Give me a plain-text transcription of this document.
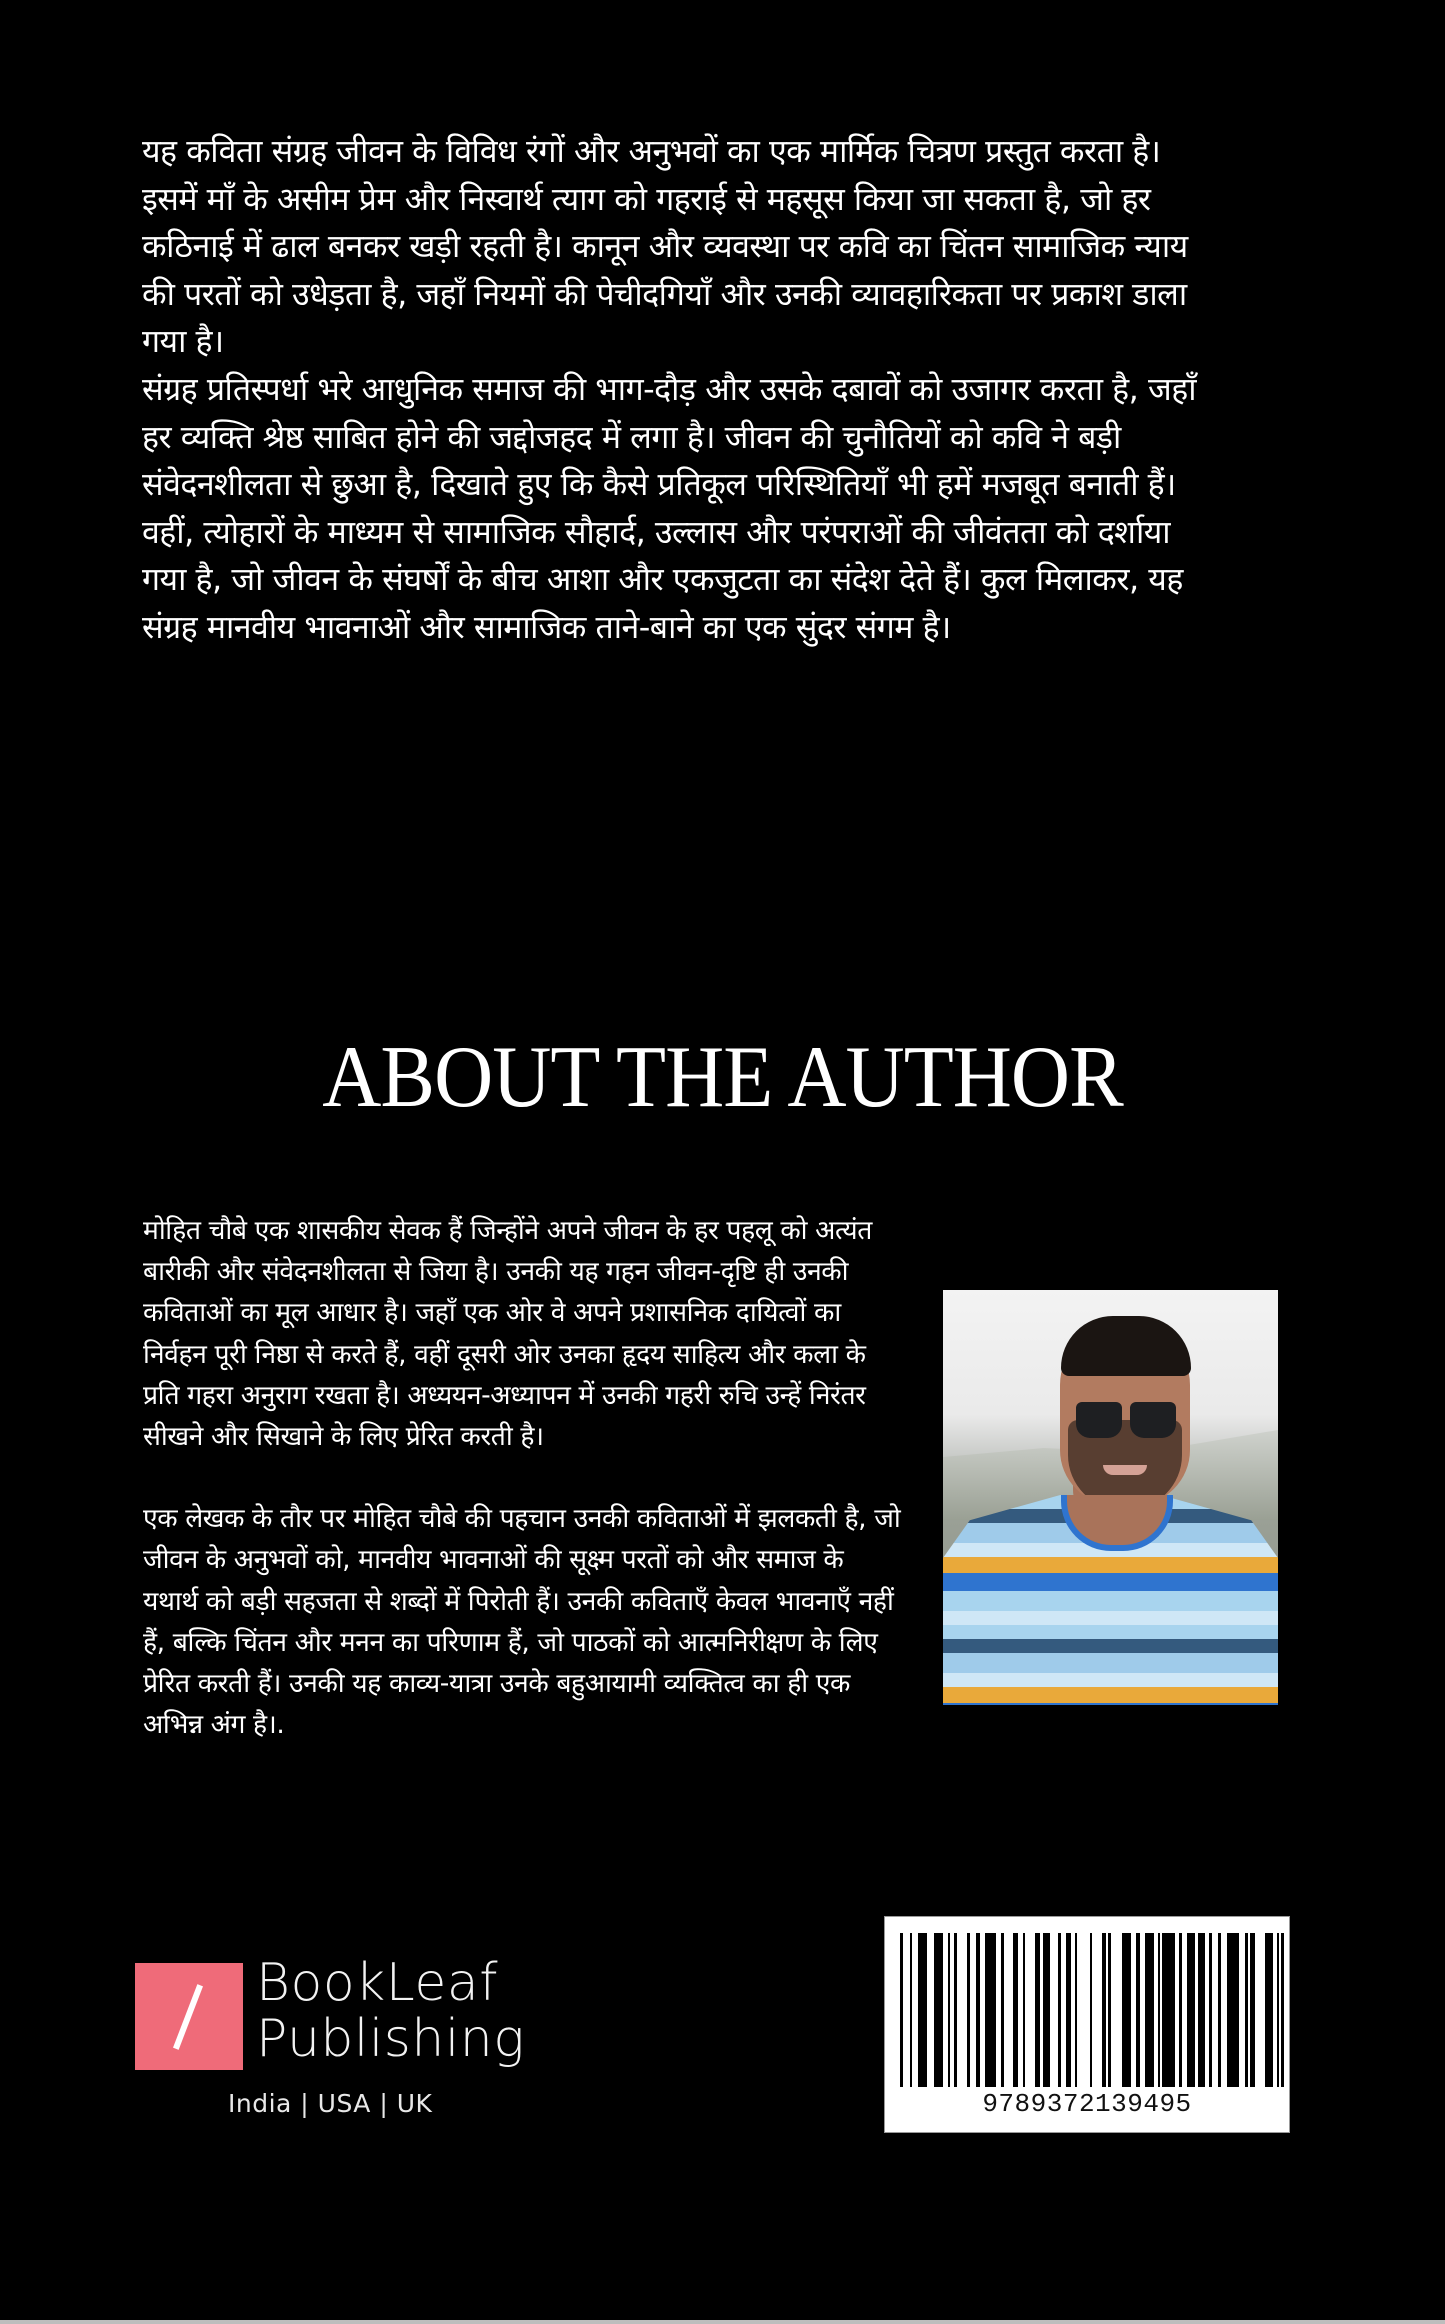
यह कविता संग्रह जीवन के विविध रंगों और अनुभवों का एक मार्मिक चित्रण प्रस्तुत करता है। इसमें माँ के असीम प्रेम और निस्वार्थ त्याग को गहराई से महसूस किया जा सकता है, जो हर कठिनाई में ढाल बनकर खड़ी रहती है। कानून और व्यवस्था पर कवि का चिंतन सामाजिक न्याय की परतों को उधेड़ता है, जहाँ नियमों की पेचीदगियाँ और उनकी व्यावहारिकता पर प्रकाश डाला गया है।

संग्रह प्रतिस्पर्धा भरे आधुनिक समाज की भाग-दौड़ और उसके दबावों को उजागर करता है, जहाँ हर व्यक्ति श्रेष्ठ साबित होने की जद्दोजहद में लगा है। जीवन की चुनौतियों को कवि ने बड़ी संवेदनशीलता से छुआ है, दिखाते हुए कि कैसे प्रतिकूल परिस्थितियाँ भी हमें मजबूत बनाती हैं। वहीं, त्योहारों के माध्यम से सामाजिक सौहार्द, उल्लास और परंपराओं की जीवंतता को दर्शाया गया है, जो जीवन के संघर्षों के बीच आशा और एकजुटता का संदेश देते हैं। कुल मिलाकर, यह संग्रह मानवीय भावनाओं और सामाजिक ताने-बाने का एक सुंदर संगम है।

ABOUT THE AUTHOR

मोहित चौबे एक शासकीय सेवक हैं जिन्होंने अपने जीवन के हर पहलू को अत्यंत बारीकी और संवेदनशीलता से जिया है। उनकी यह गहन जीवन-दृष्टि ही उनकी कविताओं का मूल आधार है। जहाँ एक ओर वे अपने प्रशासनिक दायित्वों का निर्वहन पूरी निष्ठा से करते हैं, वहीं दूसरी ओर उनका हृदय साहित्य और कला के प्रति गहरा अनुराग रखता है। अध्ययन-अध्यापन में उनकी गहरी रुचि उन्हें निरंतर सीखने और सिखाने के लिए प्रेरित करती है।

एक लेखक के तौर पर मोहित चौबे की पहचान उनकी कविताओं में झलकती है, जो जीवन के अनुभवों को, मानवीय भावनाओं की सूक्ष्म परतों को और समाज के यथार्थ को बड़ी सहजता से शब्दों में पिरोती हैं। उनकी कविताएँ केवल भावनाएँ नहीं हैं, बल्कि चिंतन और मनन का परिणाम हैं, जो पाठकों को आत्मनिरीक्षण के लिए प्रेरित करती हैं। उनकी यह काव्य-यात्रा उनके बहुआयामी व्यक्तित्व का ही एक अभिन्न अंग है।.

BookLeaf
Publishing
India | USA | UK	9789372139495
